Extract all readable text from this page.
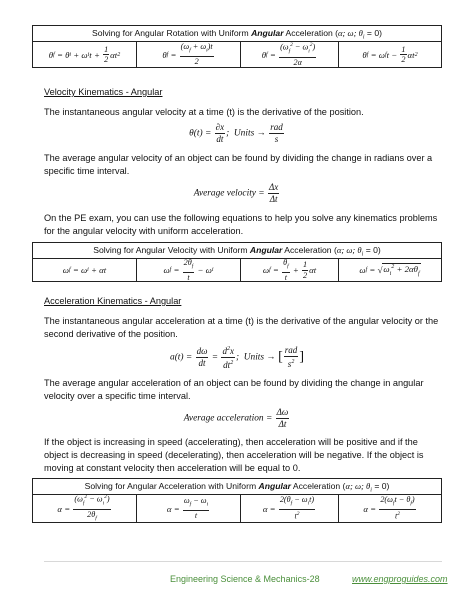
Solving for Angular Rotation with Uniform Angular Acceleration (α; ω; $\theta_i = 0$)
θ f = θ i + ω i $t + \frac{1}{2}$ αt 2	θ $f = \frac{(\omega_f + \omega_i)t}{2}$	θ $f = \frac{(\omega_f^2 - \omega_i^2)}{2\alpha}$	θ f = ω f $t - \frac{1}{2}$ αt 2
Velocity Kinematics - Angular
The instantaneous angular velocity at a time (t) is the derivative of the position.
$\theta(t) = \frac{\partial x}{dt}$ ;  Units → $\frac{\text{rad}}{s}$
The average angular velocity of an object can be found by dividing the change in radians over a specific time interval.
Average velocity = $\frac{\Delta x}{\Delta t}$
On the PE exam, you can use the following equations to help you solve any kinematics problems for the angular velocity with uniform acceleration.
Solving for Angular Velocity with Uniform Angular Acceleration (α; ω; $\theta_i = 0$)
ω f = ω i + αt	ω $f = \frac{2\theta_f}{t} - \omega$ i	ω $f = \frac{\theta_f}{t} + \frac{1}{2}$ αt	ω f = √ $\omega_i^2 + 2\alpha\theta_f$
Acceleration Kinematics - Angular
The instantaneous angular acceleration at a time (t) is the derivative of the angular velocity or the second derivative of the position.
$a(t) = \frac{d\omega}{dt} = \frac{d^2x}{dt^2}$ ;  Units → [ $\frac{\text{rad}}{s^2}$ ]
The average angular acceleration of an object can be found by dividing the change in angular velocity over a specific time interval.
Average acceleration = $\frac{\Delta\omega}{\Delta t}$
If the object is increasing in speed (accelerating), then acceleration will be positive and if the object is decreasing in speed (decelerating), then acceleration will be negative. If the object is moving at constant velocity then acceleration will be equal to 0.
Solving for Angular Acceleration with Uniform Angular Acceleration (α; ω; $\theta_i = 0$)
$\alpha = \frac{(\omega_f^2 - \omega_i^2)}{2\theta_f}$	$\alpha = \frac{\omega_f - \omega_i}{t}$	$\alpha = \frac{2(\theta_f - \omega_it)}{t^2}$	$\alpha = \frac{2(\omega_ft - \theta_f)}{t^2}$
Engineering Science & Mechanics-28	www.engproguides.com
